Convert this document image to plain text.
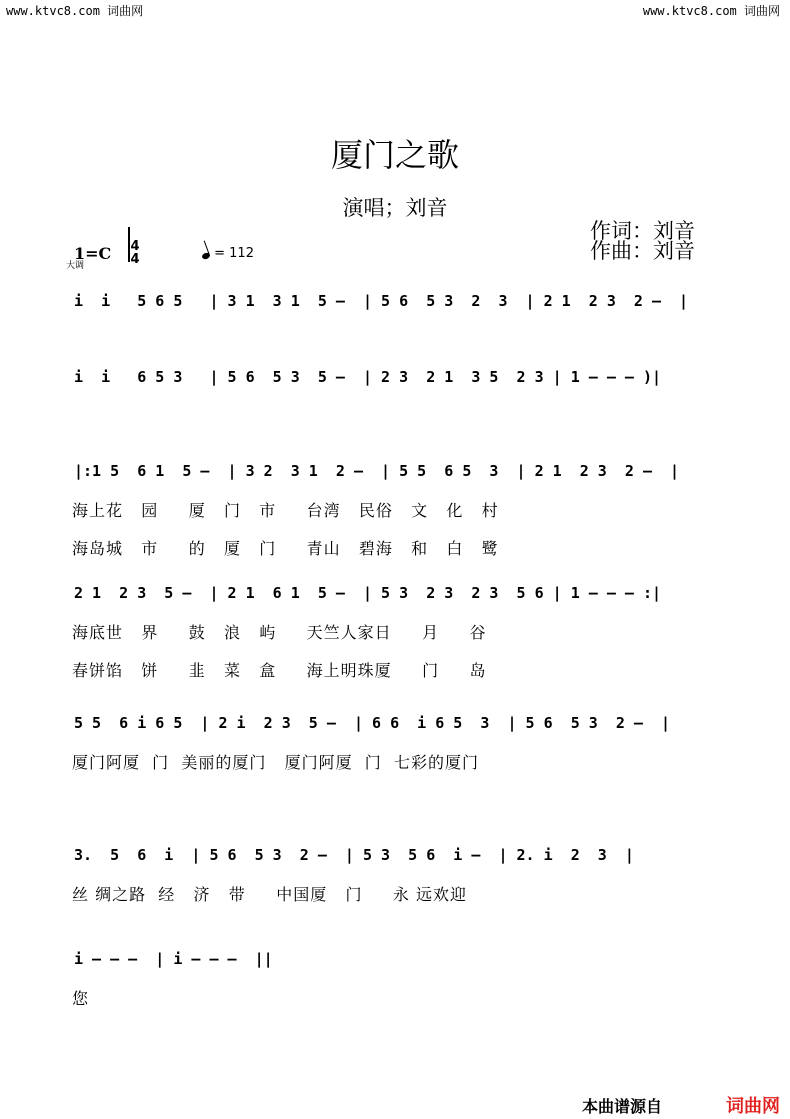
www.ktvc8.com 词曲网	www.ktvc8.com 词曲网
厦门之歌
演唱；刘音
作词：刘音
作曲：刘音
1=C
大调
4
4	= 112
i  i   5 6 5   | 3 1  3 1  5 –  | 5 6  5 3  2  3  | 2 1  2 3  2 –  |
i  i   6 5 3   | 5 6  5 3  5 –  | 2 3  2 1  3 5  2 3 | 1 – – – )|
|:1 5  6 1  5 –  | 3 2  3 1  2 –  | 5 5  6 5  3  | 2 1  2 3  2 –  |
海上花   园     厦   门   市     台湾   民俗   文   化   村
海岛城   市     的   厦   门     青山   碧海   和   白   鹭
2 1  2 3  5 –  | 2 1  6 1  5 –  | 5 3  2 3  2 3  5 6 | 1 – – – :|
海底世   界     鼓   浪   屿     天竺人家日     月     谷
春饼馅   饼     韭   菜   盒     海上明珠厦     门     岛
5 5  6 i 6 5  | 2 i  2 3  5 –  | 6 6  i 6 5  3  | 5 6  5 3  2 –  |
厦门阿厦  门  美丽的厦门   厦门阿厦  门  七彩的厦门
3.  5  6  i  | 5 6  5 3  2 –  | 5 3  5 6  i –  | 2. i  2  3  |
丝 绸之路  经   济   带     中国厦   门     永 远欢迎
i – – –  | i – – –  ||
您
本曲谱源自	词曲网
